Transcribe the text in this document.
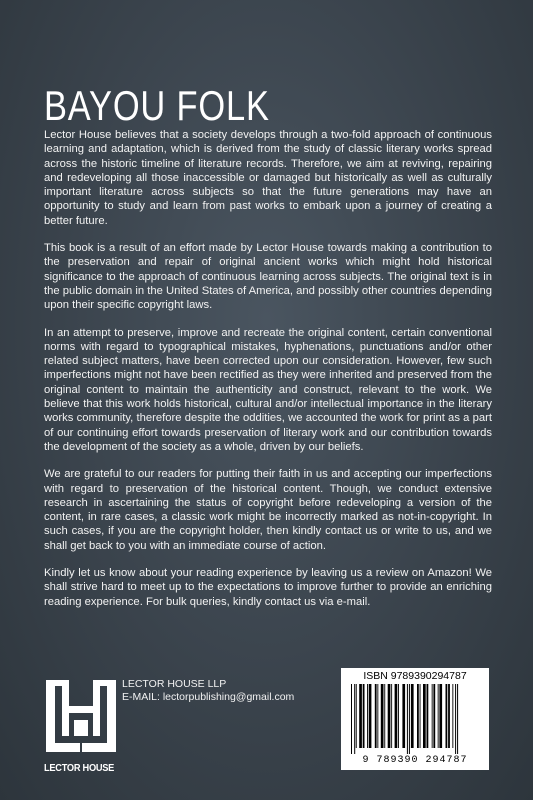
BAYOU FOLK

Lector House believes that a society develops through a two-fold approach of continuous learning and adaptation, which is derived from the study of classic literary works spread across the historic timeline of literature records. Therefore, we aim at reviving, repairing and redeveloping all those inaccessible or damaged but historically as well as culturally important literature across subjects so that the future generations may have an opportunity to study and learn from past works to embark upon a journey of creating a better future.

This book is a result of an effort made by Lector House towards making a contribution to the preservation and repair of original ancient works which might hold historical significance to the approach of continuous learning across subjects. The original text is in the public domain in the United States of America, and possibly other countries depending upon their specific copyright laws.

In an attempt to preserve, improve and recreate the original content, certain conventional norms with regard to typographical mistakes, hyphenations, punctuations and/or other related subject matters, have been corrected upon our consideration. However, few such imperfections might not have been rectified as they were inherited and preserved from the original content to maintain the authenticity and construct, relevant to the work. We believe that this work holds historical, cultural and/or intellectual importance in the literary works community, therefore despite the oddities, we accounted the work for print as a part of our continuing effort towards preservation of literary work and our contribution towards the development of the society as a whole, driven by our beliefs.

We are grateful to our readers for putting their faith in us and accepting our imperfections with regard to preservation of the historical content. Though, we conduct extensive research in ascertaining the status of copyright before redeveloping a version of the content, in rare cases, a classic work might be incorrectly marked as not-in-copyright. In such cases, if you are the copyright holder, then kindly contact us or write to us, and we shall get back to you with an immediate course of action.

Kindly let us know about your reading experience by leaving us a review on Amazon! We shall strive hard to meet up to the expectations to improve further to provide an enriching reading experience. For bulk queries, kindly contact us via e-mail.

LECTOR HOUSE
LECTOR HOUSE LLP
E-MAIL: lectorpublishing@gmail.com
ISBN 9789390294787
9 789390 294787
